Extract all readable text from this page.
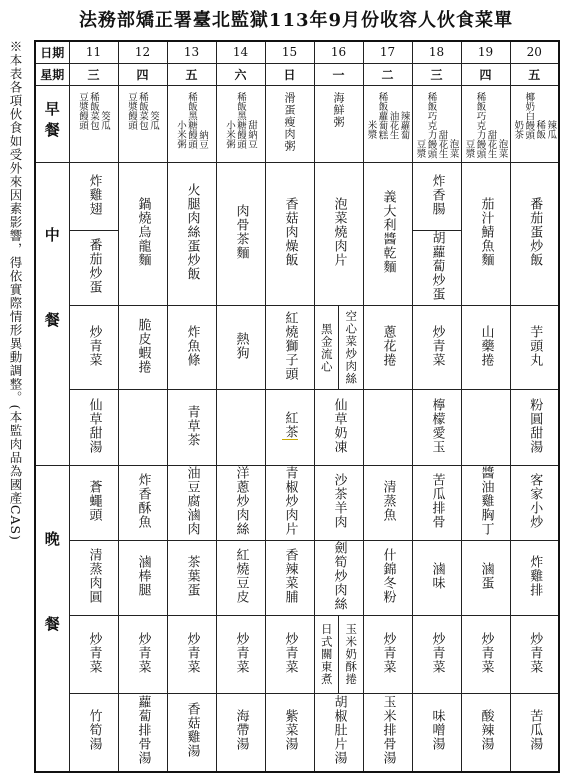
※本表各項伙食如受外來因素影響，得依實際情形異動調整。(本監肉品為國產CAS)
法務部矯正署臺北監獄113年9月份收容人伙食菜單
日期	11	12	13	14	15	16	17	18	19	20
星期	三	四	五	六	日	一	二	三	四	五
早餐	豆漿饅頭稀飯菜包筊瓜	豆漿饅頭稀飯菜包筊瓜	小米粥稀飯黑糖饅頭納豆	小米粥稀飯黑糖饅頭甜納豆	滑蛋瘦肉粥	海鮮粥	米漿稀飯蘿蔔糕油花生辣蘿蔔	豆漿稀飯巧克力饅頭甜花生泡菜	豆漿稀飯巧克力饅頭甜花生泡菜	奶茶椰奶白饅頭稀飯辣瓜
中餐	炸雞翅	鍋燒烏龍麵	火腿肉絲蛋炒飯	肉骨茶麵	香菇肉燥飯	泡菜燒肉片	義大利醬乾麵	炸香腸	茄汁鯖魚麵	番茄蛋炒飯
	番茄炒蛋							胡蘿蔔炒蛋		
	炒青菜	脆皮蝦捲	炸魚條	熱狗	紅燒獅子頭	黑金流心 空心菜炒肉絲	蔥花捲	炒青菜	山藥捲	芋頭丸
	仙草甜湯		青草茶		紅茶	仙草奶凍		檸檬愛玉		粉圓甜湯
晚餐	蒼蠅頭	炸香酥魚	油豆腐滷肉	洋蔥炒肉絲	青椒炒肉片	沙茶羊肉	清蒸魚	苦瓜排骨	醬油雞胸丁	客家小炒
	清蒸肉圓	滷棒腿	茶葉蛋	紅燒豆皮	香辣菜脯	劍筍炒肉絲	什錦冬粉	滷味	滷蛋	炸雞排
	炒青菜	炒青菜	炒青菜	炒青菜	炒青菜	日式關東煮 玉米奶酥捲	炒青菜	炒青菜	炒青菜	炒青菜
	竹筍湯	蘿蔔排骨湯	香菇雞湯	海帶湯	紫菜湯	胡椒肚片湯	玉米排骨湯	味噌湯	酸辣湯	苦瓜湯
